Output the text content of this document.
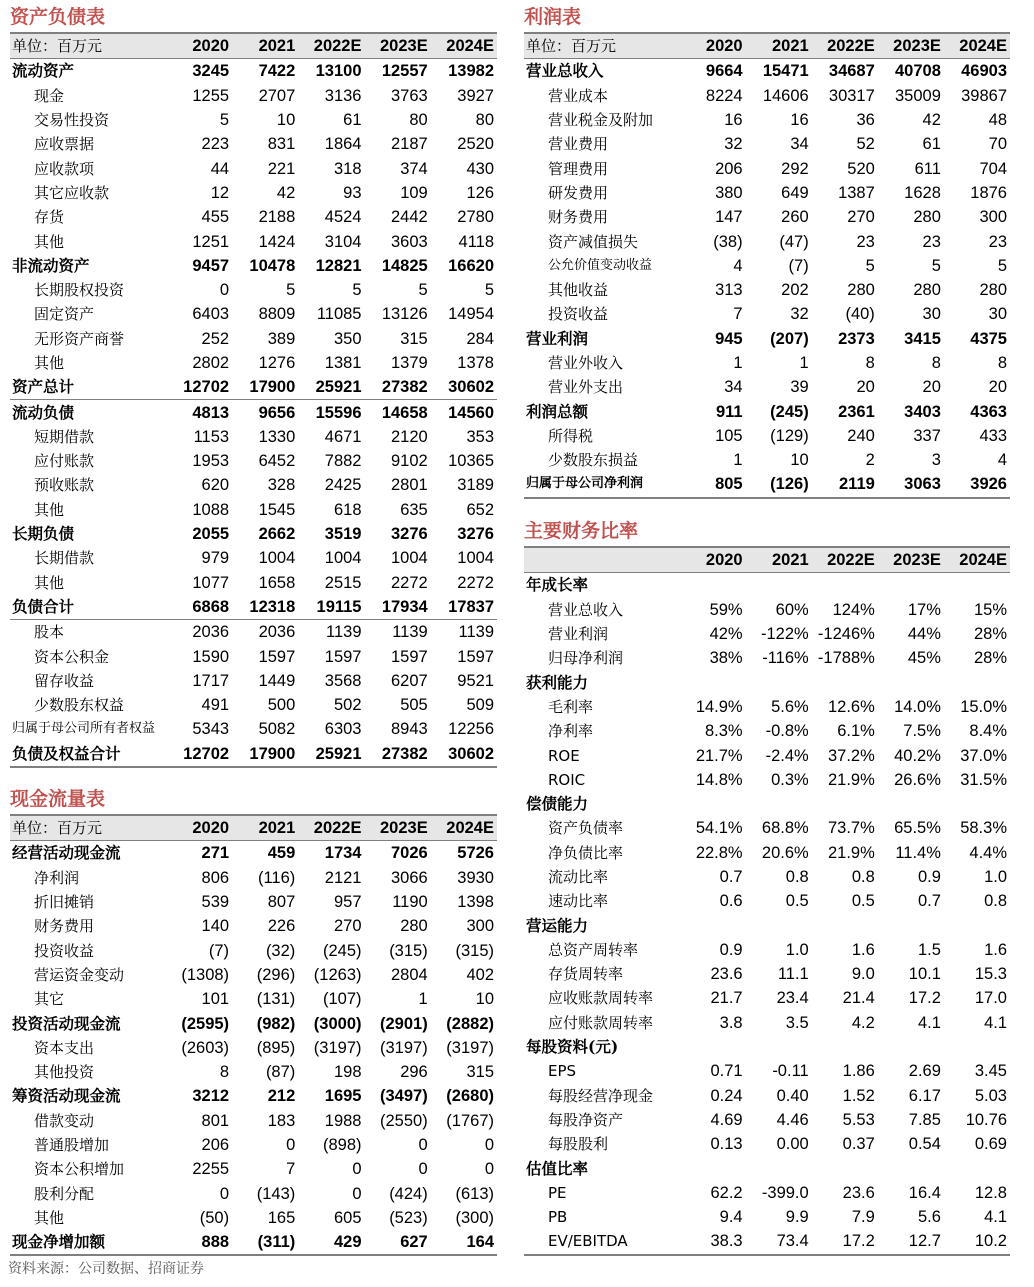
资产负债表
单位：百万元	2020	2021	2022E	2023E	2024E
流动资产	3245	7422	13100	12557	13982
现金	1255	2707	3136	3763	3927
交易性投资	5	10	61	80	80
应收票据	223	831	1864	2187	2520
应收款项	44	221	318	374	430
其它应收款	12	42	93	109	126
存货	455	2188	4524	2442	2780
其他	1251	1424	3104	3603	4118
非流动资产	9457	10478	12821	14825	16620
长期股权投资	0	5	5	5	5
固定资产	6403	8809	11085	13126	14954
无形资产商誉	252	389	350	315	284
其他	2802	1276	1381	1379	1378
资产总计	12702	17900	25921	27382	30602
流动负债	4813	9656	15596	14658	14560
短期借款	1153	1330	4671	2120	353
应付账款	1953	6452	7882	9102	10365
预收账款	620	328	2425	2801	3189
其他	1088	1545	618	635	652
长期负债	2055	2662	3519	3276	3276
长期借款	979	1004	1004	1004	1004
其他	1077	1658	2515	2272	2272
负债合计	6868	12318	19115	17934	17837
股本	2036	2036	1139	1139	1139
资本公积金	1590	1597	1597	1597	1597
留存收益	1717	1449	3568	6207	9521
少数股东权益	491	500	502	505	509
归属于母公司所有者权益	5343	5082	6303	8943	12256
负债及权益合计	12702	17900	25921	27382	30602
现金流量表
单位：百万元	2020	2021	2022E	2023E	2024E
经营活动现金流	271	459	1734	7026	5726
净利润	806	(116)	2121	3066	3930
折旧摊销	539	807	957	1190	1398
财务费用	140	226	270	280	300
投资收益	(7)	(32)	(245)	(315)	(315)
营运资金变动	(1308)	(296)	(1263)	2804	402
其它	101	(131)	(107)	1	10
投资活动现金流	(2595)	(982)	(3000)	(2901)	(2882)
资本支出	(2603)	(895)	(3197)	(3197)	(3197)
其他投资	8	(87)	198	296	315
筹资活动现金流	3212	212	1695	(3497)	(2680)
借款变动	801	183	1988	(2550)	(1767)
普通股增加	206	0	(898)	0	0
资本公积增加	2255	7	0	0	0
股利分配	0	(143)	0	(424)	(613)
其他	(50)	165	605	(523)	(300)
现金净增加额	888	(311)	429	627	164
利润表
单位：百万元	2020	2021	2022E	2023E	2024E
营业总收入	9664	15471	34687	40708	46903
营业成本	8224	14606	30317	35009	39867
营业税金及附加	16	16	36	42	48
营业费用	32	34	52	61	70
管理费用	206	292	520	611	704
研发费用	380	649	1387	1628	1876
财务费用	147	260	270	280	300
资产减值损失	(38)	(47)	23	23	23
公允价值变动收益	4	(7)	5	5	5
其他收益	313	202	280	280	280
投资收益	7	32	(40)	30	30
营业利润	945	(207)	2373	3415	4375
营业外收入	1	1	8	8	8
营业外支出	34	39	20	20	20
利润总额	911	(245)	2361	3403	4363
所得税	105	(129)	240	337	433
少数股东损益	1	10	2	3	4
归属于母公司净利润	805	(126)	2119	3063	3926
主要财务比率
	2020	2021	2022E	2023E	2024E
年成长率					
营业总收入	59%	60%	124%	17%	15%
营业利润	42%	-122%	-1246%	44%	28%
归母净利润	38%	-116%	-1788%	45%	28%
获利能力					
毛利率	14.9%	5.6%	12.6%	14.0%	15.0%
净利率	8.3%	-0.8%	6.1%	7.5%	8.4%
ROE	21.7%	-2.4%	37.2%	40.2%	37.0%
ROIC	14.8%	0.3%	21.9%	26.6%	31.5%
偿债能力					
资产负债率	54.1%	68.8%	73.7%	65.5%	58.3%
净负债比率	22.8%	20.6%	21.9%	11.4%	4.4%
流动比率	0.7	0.8	0.8	0.9	1.0
速动比率	0.6	0.5	0.5	0.7	0.8
营运能力					
总资产周转率	0.9	1.0	1.6	1.5	1.6
存货周转率	23.6	11.1	9.0	10.1	15.3
应收账款周转率	21.7	23.4	21.4	17.2	17.0
应付账款周转率	3.8	3.5	4.2	4.1	4.1
每股资料(元)					
EPS	0.71	-0.11	1.86	2.69	3.45
每股经营净现金	0.24	0.40	1.52	6.17	5.03
每股净资产	4.69	4.46	5.53	7.85	10.76
每股股利	0.13	0.00	0.37	0.54	0.69
估值比率					
PE	62.2	-399.0	23.6	16.4	12.8
PB	9.4	9.9	7.9	5.6	4.1
EV/EBITDA	38.3	73.4	17.2	12.7	10.2
资料来源：公司数据、招商证券
